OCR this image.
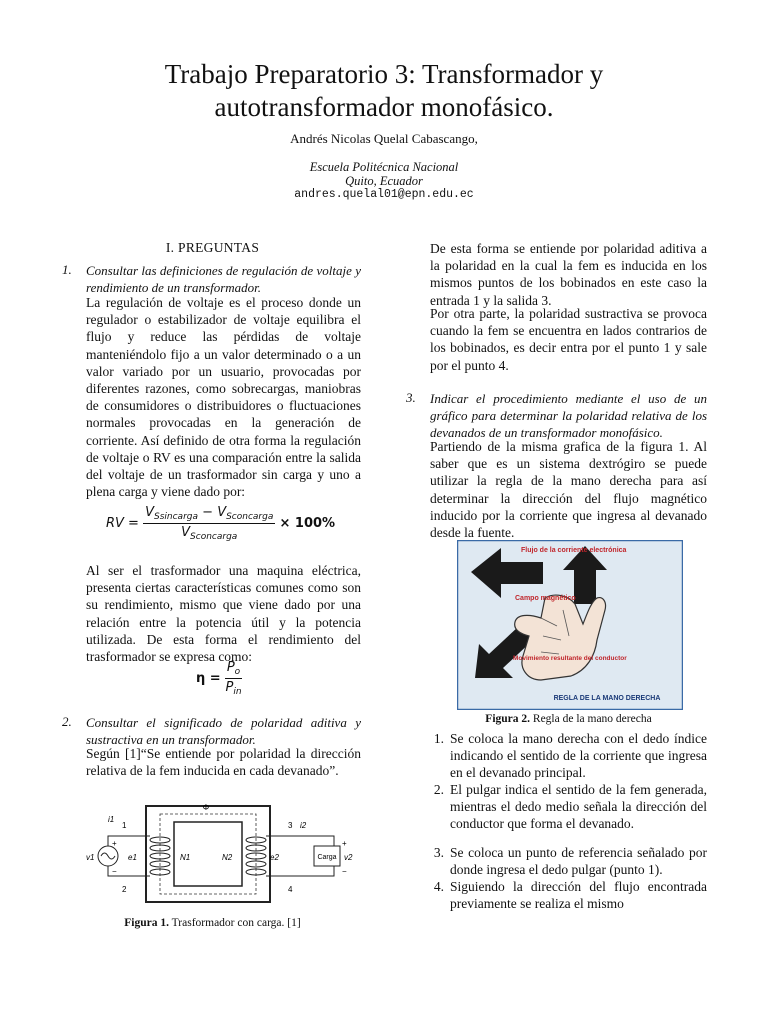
Trabajo Preparatorio 3: Transformador y
autotransformador monofásico.
Andrés Nicolas Quelal Cabascango,
Escuela Politécnica Nacional
Quito, Ecuador
andres.quelal01@epn.edu.ec
I. PREGUNTAS
1. Consultar las definiciones de regulación de voltaje y rendimiento de un transformador.
La regulación de voltaje es el proceso donde un regulador o estabilizador de voltaje equilibra el flujo y reduce las pérdidas de voltaje manteniéndolo fijo a un valor determinado o a un valor variado por un usuario, provocadas por diferentes razones, como sobrecargas, maniobras de consumidores o distribuidores o fluctuaciones normales provocadas en la generación de corriente. Así definido de otra forma la regulación de voltaje o RV es una comparación entre la salida del voltaje de un trasformador sin carga y uno a plena carga y viene dado por:
RV = $\frac{V_{Ssincarga} - V_{Sconcarga}}{V_{Sconcarga}} \times 100\%$
Al ser el trasformador una maquina eléctrica, presenta ciertas características comunes como son su rendimiento, mismo que viene dado por una relación entre la potencia útil y la potencia utilizada. De esta forma el rendimiento del trasformador se expresa como:
$\eta = \frac{P_o}{P_{in}}$
2. Consultar el significado de polaridad aditiva y sustractiva en un transformador.
Según [1]“Se entiende por polaridad la dirección relativa de la fem inducida en cada devanado”.
Φ
Carga
i1
1
2
3
4
i2
v1	e1	N1	N2	e2	v2
+
−
+
−
Figura 1. Trasformador con carga. [1]
De esta forma se entiende por polaridad aditiva a la polaridad en la cual la fem es inducida en los mismos puntos de los bobinados en este caso la entrada 1 y la salida 3.
Por otra parte, la polaridad sustractiva se provoca cuando la fem se encuentra en lados contrarios de los bobinados, es decir entra por el punto 1 y sale por el punto 4.
3. Indicar el procedimiento mediante el uso de un gráfico para determinar la polaridad relativa de los devanados de un transformador monofásico.
Partiendo de la misma grafica de la figura 1. Al saber que es un sistema dextrógiro se puede utilizar la regla de la mano derecha para así determinar la dirección del flujo magnético inducido por la corriente que ingresa al devanado desde la fuente.
Flujo de la corriente electrónica
Campo magnético
Movimiento resultante del conductor
REGLA DE LA MANO DERECHA
Figura 2. Regla de la mano derecha
1. Se coloca la mano derecha con el dedo índice indicando el sentido de la corriente que ingresa en el devanado principal.
2. El pulgar indica el sentido de la fem generada, mientras el dedo medio señala la dirección del conductor que forma el devanado.
3. Se coloca un punto de referencia señalado por donde ingresa el dedo pulgar (punto 1).
4. Siguiendo la dirección del flujo encontrada previamente se realiza el mismo
